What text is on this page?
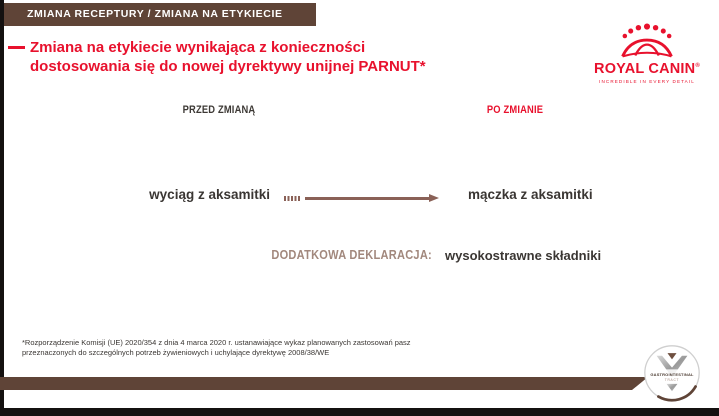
ZMIANA RECEPTURY / ZMIANA NA ETYKIECIE
Zmiana na etykiecie wynikająca z konieczności
dostosowania się do nowej dyrektywy unijnej PARNUT*	ROYAL CANIN®
INCREDIBLE IN EVERY DETAIL
PRZED ZMIANĄ	PO ZMIANIE
wyciąg z aksamitki	mączka z aksamitki
DODATKOWA DEKLARACJA: wysokostrawne składniki
*Rozporządzenie Komisji (UE) 2020/354 z dnia 4 marca 2020 r. ustanawiające wykaz planowanych zastosowań pasz
przeznaczonych do szczególnych potrzeb żywieniowych i uchylające dyrektywę 2008/38/WE
GASTROINTESTINAL
TRACT
